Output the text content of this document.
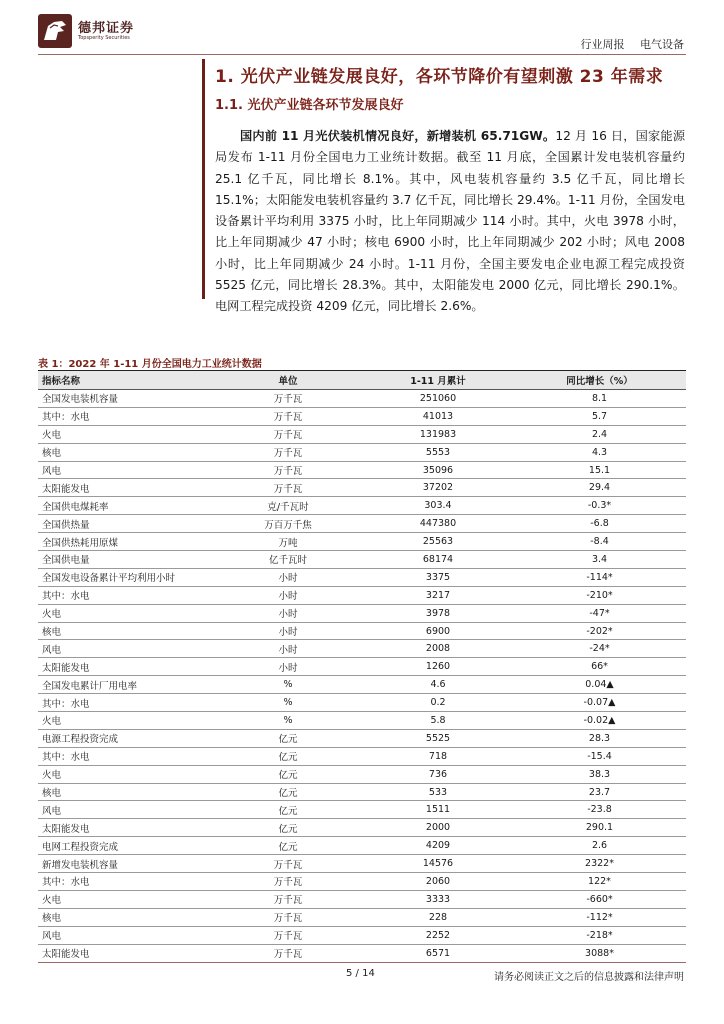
德邦证券
Topsperity Securities	行业周报 电气设备
1. 光伏产业链发展良好，各环节降价有望刺激 23 年需求
1.1. 光伏产业链各环节发展良好

国内前 11 月光伏装机情况良好，新增装机 65.71GW。12 月 16 日，国家能源局发布 1-11 月份全国电力工业统计数据。截至 11 月底，全国累计发电装机容量约 25.1 亿千瓦，同比增长 8.1%。其中，风电装机容量约 3.5 亿千瓦，同比增长 15.1%；太阳能发电装机容量约 3.7 亿千瓦，同比增长 29.4%。1-11 月份，全国发电设备累计平均利用 3375 小时，比上年同期减少 114 小时。其中，火电 3978 小时，比上年同期减少 47 小时；核电 6900 小时，比上年同期减少 202 小时；风电 2008 小时，比上年同期减少 24 小时。1-11 月份，全国主要发电企业电源工程完成投资 5525 亿元，同比增长 28.3%。其中，太阳能发电 2000 亿元，同比增长 290.1%。电网工程完成投资 4209 亿元，同比增长 2.6%。

表 1：2022 年 1-11 月份全国电力工业统计数据
指标名称	单位	1-11 月累计	同比增长（%）
全国发电装机容量	万千瓦	251060	8.1
其中：水电	万千瓦	41013	5.7
火电	万千瓦	131983	2.4
核电	万千瓦	5553	4.3
风电	万千瓦	35096	15.1
太阳能发电	万千瓦	37202	29.4
全国供电煤耗率	克/千瓦时	303.4	-0.3*
全国供热量	万百万千焦	447380	-6.8
全国供热耗用原煤	万吨	25563	-8.4
全国供电量	亿千瓦时	68174	3.4
全国发电设备累计平均利用小时	小时	3375	-114*
其中：水电	小时	3217	-210*
火电	小时	3978	-47*
核电	小时	6900	-202*
风电	小时	2008	-24*
太阳能发电	小时	1260	66*
全国发电累计厂用电率	%	4.6	0.04▲
其中：水电	%	0.2	-0.07▲
火电	%	5.8	-0.02▲
电源工程投资完成	亿元	5525	28.3
其中：水电	亿元	718	-15.4
火电	亿元	736	38.3
核电	亿元	533	23.7
风电	亿元	1511	-23.8
太阳能发电	亿元	2000	290.1
电网工程投资完成	亿元	4209	2.6
新增发电装机容量	万千瓦	14576	2322*
其中：水电	万千瓦	2060	122*
火电	万千瓦	3333	-660*
核电	万千瓦	228	-112*
风电	万千瓦	2252	-218*
太阳能发电	万千瓦	6571	3088*
5 / 14	请务必阅读正文之后的信息披露和法律声明
